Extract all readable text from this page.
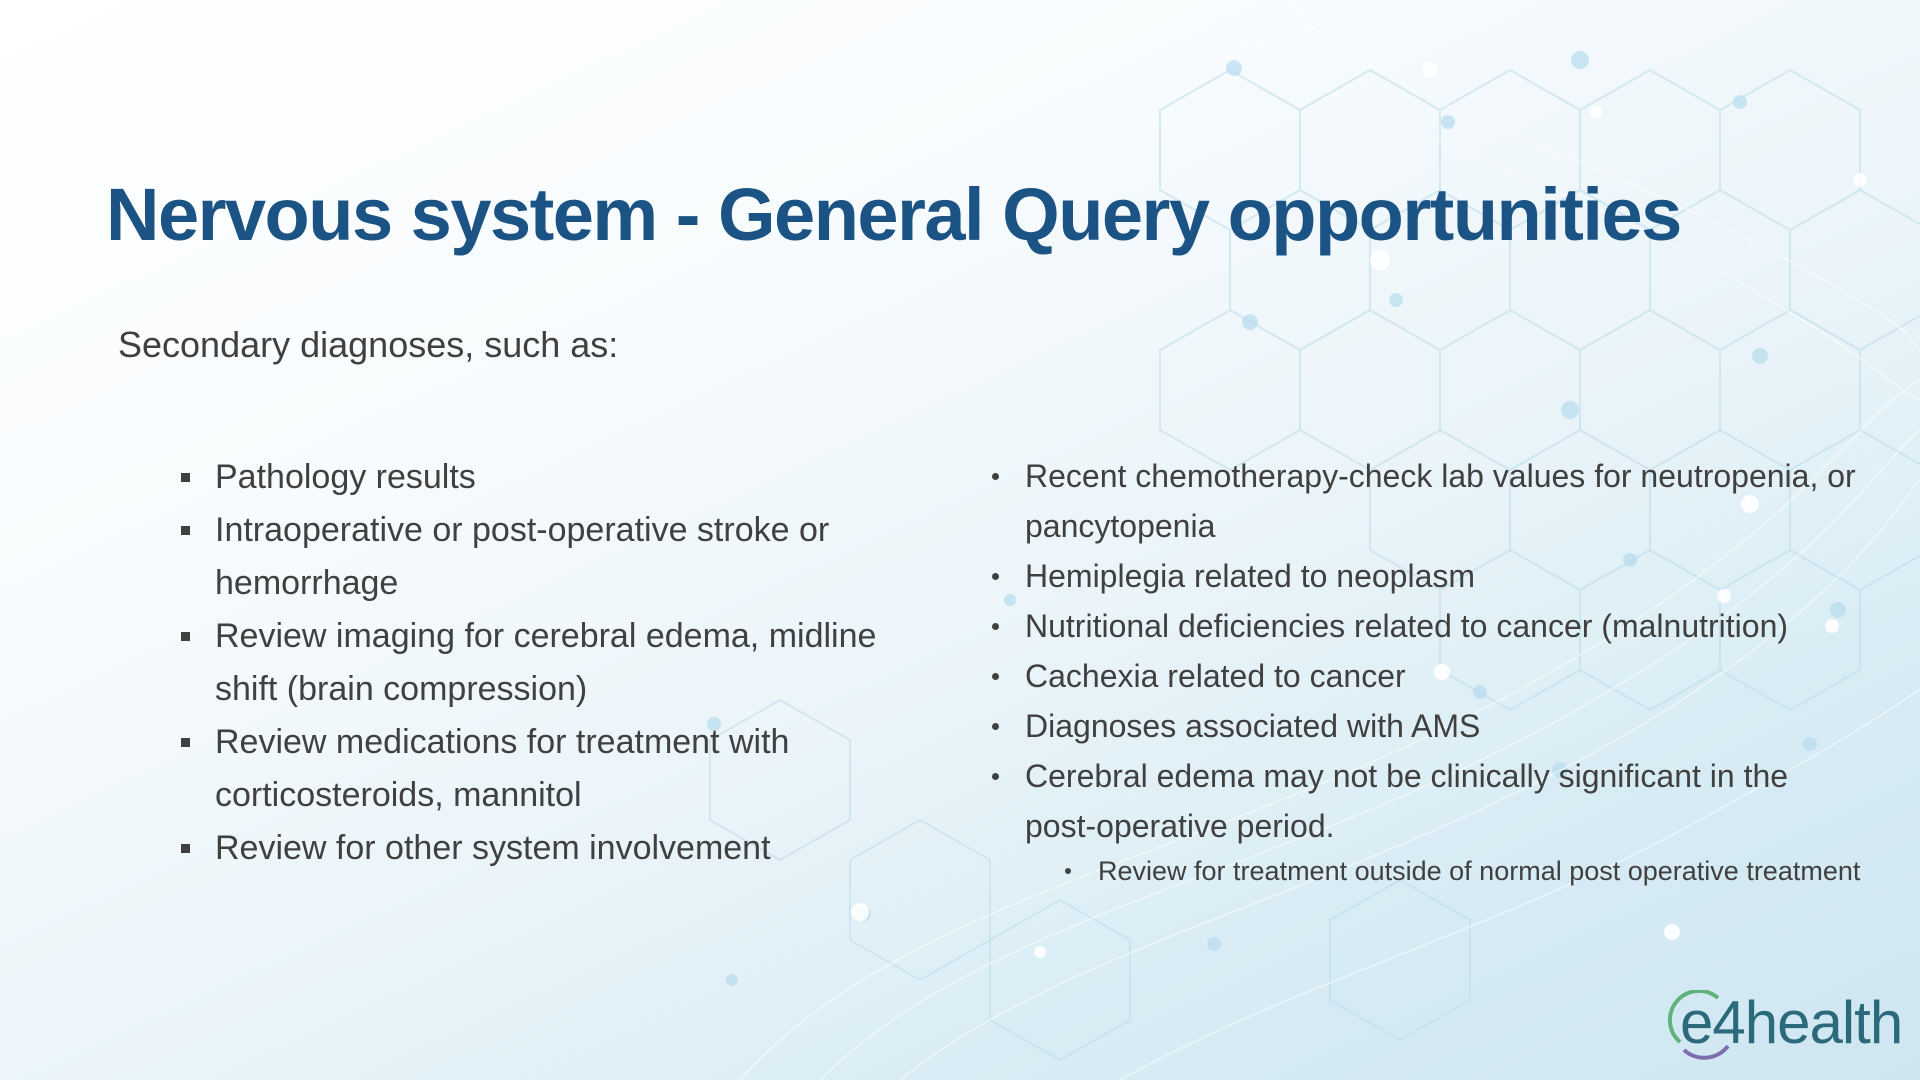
Nervous system - General Query opportunities
Secondary diagnoses, such as:
Pathology results
Intraoperative or post-operative stroke or hemorrhage
Review imaging for cerebral edema, midline shift (brain compression)
Review medications for treatment with corticosteroids, mannitol
Review for other system involvement
Recent chemotherapy-check lab values for neutropenia, or pancytopenia
Hemiplegia related to neoplasm
Nutritional deficiencies related to cancer (malnutrition)
Cachexia related to cancer
Diagnoses associated with AMS
Cerebral edema may not be clinically significant in the post-operative period.
Review for treatment outside of normal post operative treatment
e4health
